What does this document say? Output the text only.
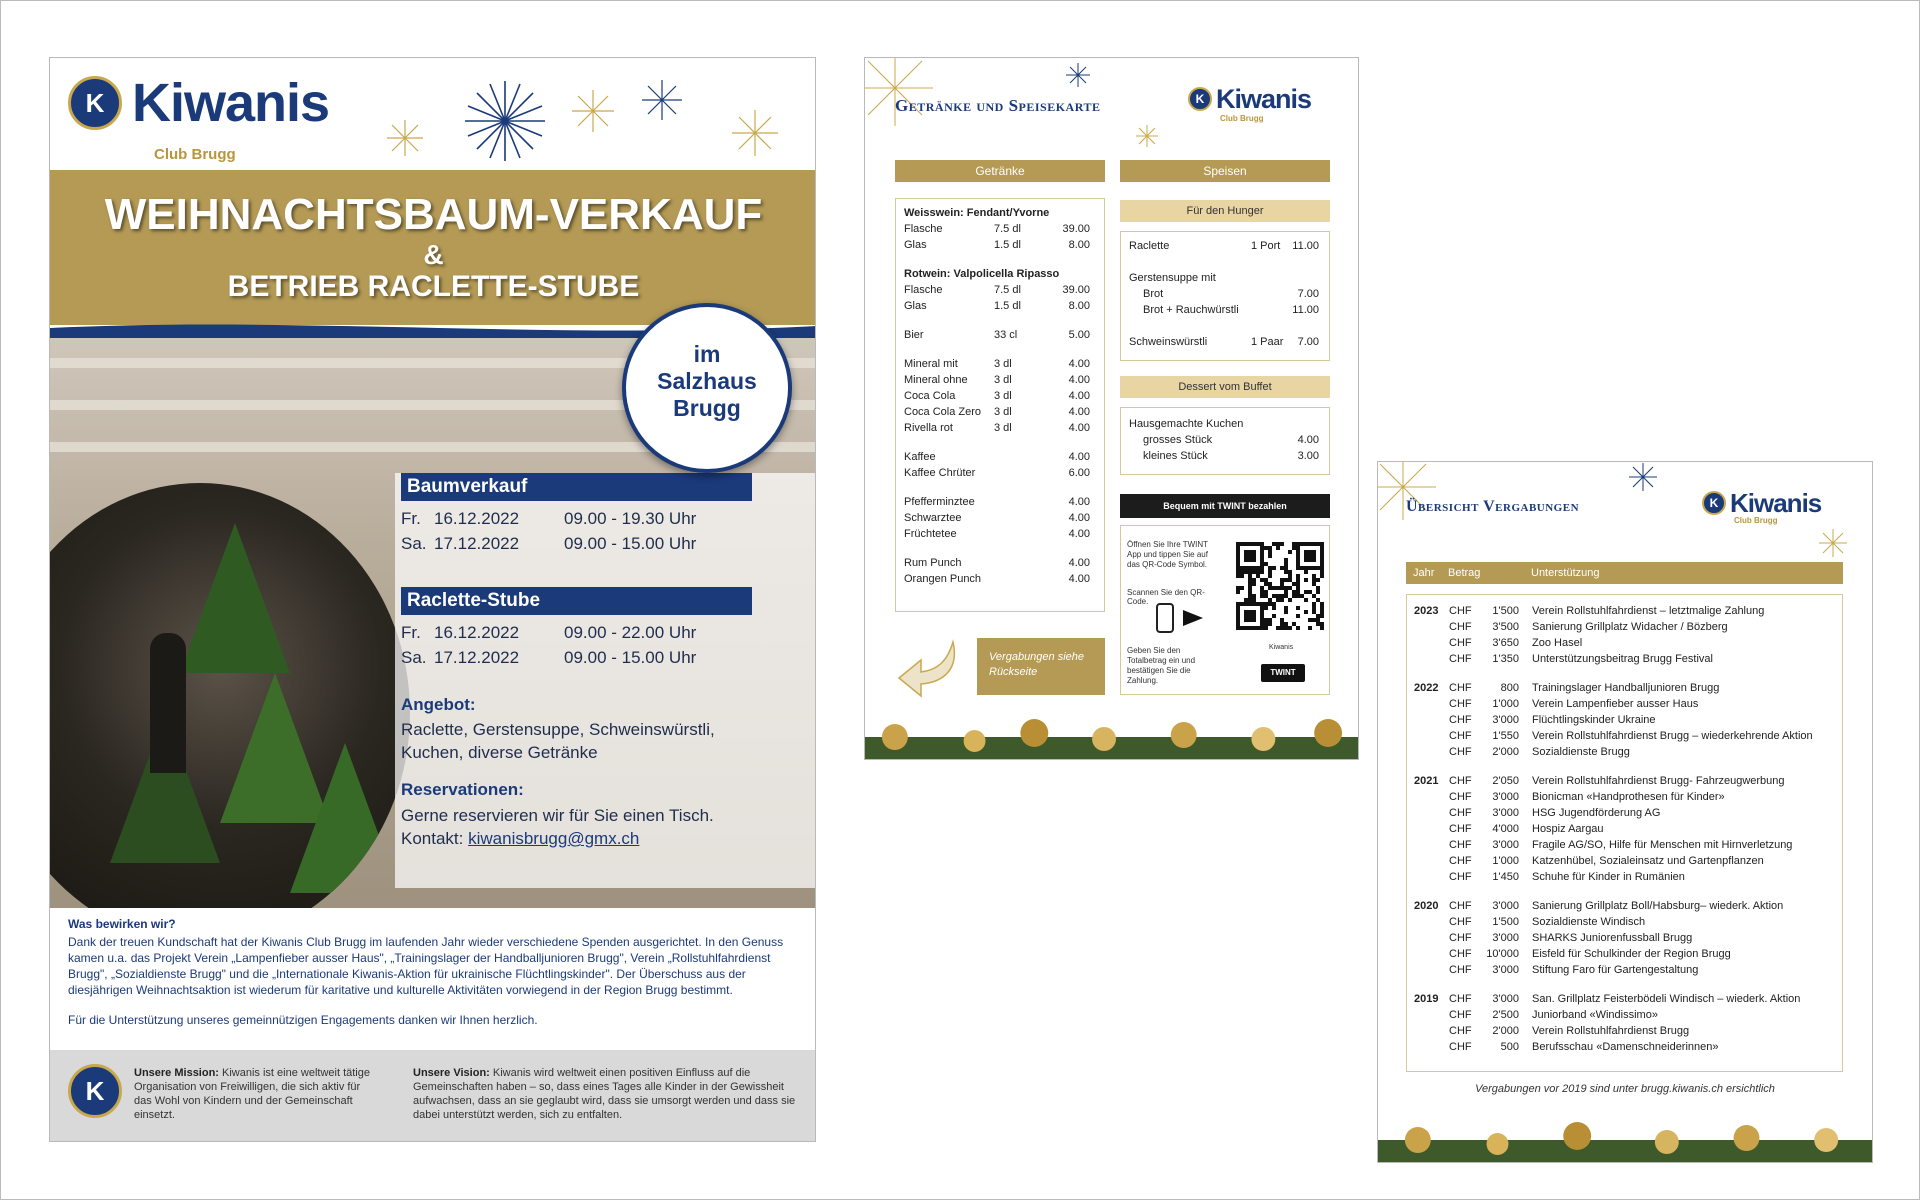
K Kiwanis
Club Brugg
WEIHNACHTSBAUM-VERKAUF
&
BETRIEB RACLETTE-STUBE
Baumverkauf
Fr. 16.12.2022	09.00 - 19.30 Uhr
Sa. 17.12.2022	09.00 - 15.00 Uhr
Raclette-Stube
Fr. 16.12.2022	09.00 - 22.00 Uhr
Sa. 17.12.2022	09.00 - 15.00 Uhr
Angebot:
Raclette, Gerstensuppe, Schweinswürstli,
Kuchen, diverse Getränke
Reservationen:
Gerne reservieren wir für Sie einen Tisch.
Kontakt: kiwanisbrugg@gmx.ch
im
Salzhaus
Brugg
Was bewirken wir?

Dank der treuen Kundschaft hat der Kiwanis Club Brugg im laufenden Jahr wieder verschiedene Spenden ausgerichtet. In den Genuss kamen u.a. das Projekt Verein „Lampenfieber ausser Haus", „Trainingslager der Handballjunioren Brugg", Verein „Rollstuhlfahrdienst Brugg", „Sozialdienste Brugg" und die „Internationale Kiwanis-Aktion für ukrainische Flüchtlingskinder". Der Überschuss aus der diesjährigen Weihnachtsaktion ist wiederum für karitative und kulturelle Aktivitäten vorwiegend in der Region Brugg bestimmt.

Für die Unterstützung unseres gemeinnützigen Engagements danken wir Ihnen herzlich.

K
Unsere Mission: Kiwanis ist eine weltweit tätige Organisation von Freiwilligen, die sich aktiv für das Wohl von Kindern und der Gemeinschaft einsetzt.
Unsere Vision: Kiwanis wird weltweit einen positiven Einfluss auf die Gemeinschaften haben – so, dass eines Tages alle Kinder in der Gewissheit aufwachsen, dass an sie geglaubt wird, dass sie umsorgt werden und dass sie dabei unterstützt werden, sich zu entfalten.
Getränke und Speisekarte	K Kiwanis
Club Brugg
Getränke	Speisen
Weisswein: Fendant/Yvorne
Flasche	7.5 dl	39.00
Glas	1.5 dl	8.00
Rotwein: Valpolicella Ripasso
Flasche	7.5 dl	39.00
Glas	1.5 dl	8.00
Bier	33 cl	5.00
Mineral mit	3 dl	4.00
Mineral ohne 3 dl	4.00
Coca Cola	3 dl	4.00
Coca Cola Zero 3 dl	4.00
Rivella rot	3 dl	4.00
Kaffee	4.00
Kaffee Chrüter	6.00
Pfefferminztee	4.00
Schwarztee	4.00
Früchtetee	4.00
Rum Punch	4.00
Orangen Punch	4.00
Für den Hunger
Raclette	1 Port	11.00
Gerstensuppe mit
Brot	7.00
Brot + Rauchwürstli	11.00
Schweinswürstli	1 Paar	7.00
Dessert vom Buffet
Hausgemachte Kuchen
grosses Stück	4.00
kleines Stück	3.00
Bequem mit TWINT bezahlen
Öffnen Sie Ihre TWINT App und tippen Sie auf das QR-Code Symbol.
Scannen Sie den QR-Code.
Geben Sie den Totalbetrag ein und bestätigen Sie die Zahlung.
Kiwanis
TWINT
Vergabungen siehe Rückseite
Übersicht Vergabungen	K Kiwanis
Club Brugg
Jahr Betrag	Unterstützung
2023 CHF	1'500 Verein Rollstuhlfahrdienst – letztmalige Zahlung
CHF	3'500 Sanierung Grillplatz Widacher / Bözberg
CHF	3'650 Zoo Hasel
CHF	1'350 Unterstützungsbeitrag Brugg Festival
2022 CHF	800 Trainingslager Handballjunioren Brugg
CHF	1'000 Verein Lampenfieber ausser Haus
CHF	3'000 Flüchtlingskinder Ukraine
CHF	1'550 Verein Rollstuhlfahrdienst Brugg – wiederkehrende Aktion
CHF	2'000 Sozialdienste Brugg
2021 CHF	2'050 Verein Rollstuhlfahrdienst Brugg- Fahrzeugwerbung
CHF	3'000 Bionicman «Handprothesen für Kinder»
CHF	3'000 HSG Jugendförderung AG
CHF	4'000 Hospiz Aargau
CHF	3'000 Fragile AG/SO, Hilfe für Menschen mit Hirnverletzung
CHF	1'000 Katzenhübel, Sozialeinsatz und Gartenpflanzen
CHF	1'450 Schuhe für Kinder in Rumänien
2020 CHF	3'000 Sanierung Grillplatz Boll/Habsburg– wiederk. Aktion
CHF	1'500 Sozialdienste Windisch
CHF	3'000 SHARKS Juniorenfussball Brugg
CHF	10'000 Eisfeld für Schulkinder der Region Brugg
CHF	3'000 Stiftung Faro für Gartengestaltung
2019 CHF	3'000 San. Grillplatz Feisterbödeli Windisch – wiederk. Aktion
CHF	2'500 Juniorband «Windissimo»
CHF	2'000 Verein Rollstuhlfahrdienst Brugg
CHF	500 Berufsschau «Damenschneiderinnen»
Vergabungen vor 2019 sind unter brugg.kiwanis.ch ersichtlich
